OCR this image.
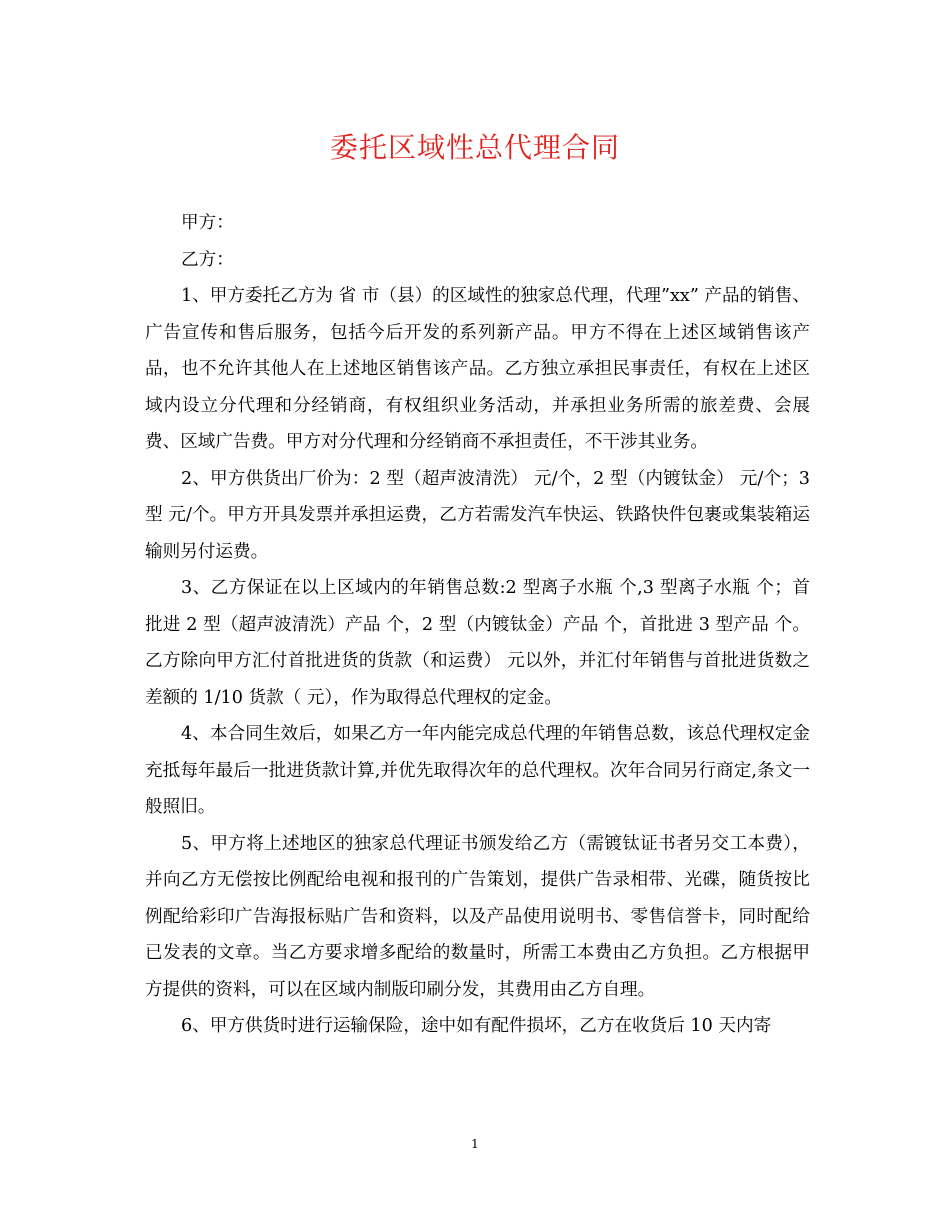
委托区域性总代理合同

甲方：

乙方：

1、甲方委托乙方为 省 市（县）的区域性的独家总代理，代理”xx” 产品的销售、广告宣传和售后服务，包括今后开发的系列新产品。甲方不得在上述区域销售该产品，也不允许其他人在上述地区销售该产品。乙方独立承担民事责任，有权在上述区域内设立分代理和分经销商，有权组织业务活动，并承担业务所需的旅差费、会展费、区域广告费。甲方对分代理和分经销商不承担责任，不干涉其业务。

2、甲方供货出厂价为：2 型（超声波清洗） 元/个，2 型（内镀钛金） 元/个；3 型 元/个。甲方开具发票并承担运费，乙方若需发汽车快运、铁路快件包裹或集装箱运输则另付运费。

3、乙方保证在以上区域内的年销售总数:2 型离子水瓶 个,3 型离子水瓶 个；首批进 2 型（超声波清洗）产品 个，2 型（内镀钛金）产品 个，首批进 3 型产品 个。乙方除向甲方汇付首批进货的货款（和运费） 元以外，并汇付年销售与首批进货数之差额的 1/10 货款（ 元），作为取得总代理权的定金。

4、本合同生效后，如果乙方一年内能完成总代理的年销售总数，该总代理权定金充抵每年最后一批进货款计算,并优先取得次年的总代理权。次年合同另行商定,条文一般照旧。

5、甲方将上述地区的独家总代理证书颁发给乙方（需镀钛证书者另交工本费），并向乙方无偿按比例配给电视和报刊的广告策划，提供广告录相带、光碟，随货按比例配给彩印广告海报标贴广告和资料，以及产品使用说明书、零售信誉卡，同时配给已发表的文章。当乙方要求增多配给的数量时，所需工本费由乙方负担。乙方根据甲方提供的资料，可以在区域内制版印刷分发，其费用由乙方自理。

6、甲方供货时进行运输保险，途中如有配件损坏，乙方在收货后 10 天内寄

1
